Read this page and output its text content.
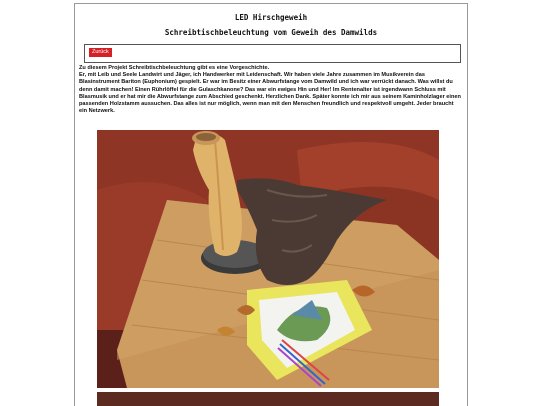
LED Hirschgeweih
Schreibtischbeleuchtung vom Geweih des Damwilds
Zurück

Zu diesem Projekt Schreibtischbeleuchtung gibt es eine Vorgeschichte.

Er, mit Leib und Seele Landwirt und Jäger, ich Handwerker mit Leidenschaft. Wir haben viele Jahre zusammen im Musikverein das Blasinstrument Bariton (Euphonium) gespielt. Er war im Besitz einer Abwurfstange vom Damwild und ich war verrückt danach. Was willst du denn damit machen! Einen Rührlöffel für die Gulaschkanone? Das war ein ewiges Hin und Her! Im Rentenalter ist irgendwann Schluss mit Blasmusik und er hat mir die Abwurfstange zum Abschied geschenkt. Herzlichen Dank. Später konnte ich mir aus seinem Kaminholzlager einen passenden Holzstamm aussuchen. Das alles ist nur möglich, wenn man mit den Menschen freundlich und respektvoll umgeht. Jeder braucht ein Netzwerk.
